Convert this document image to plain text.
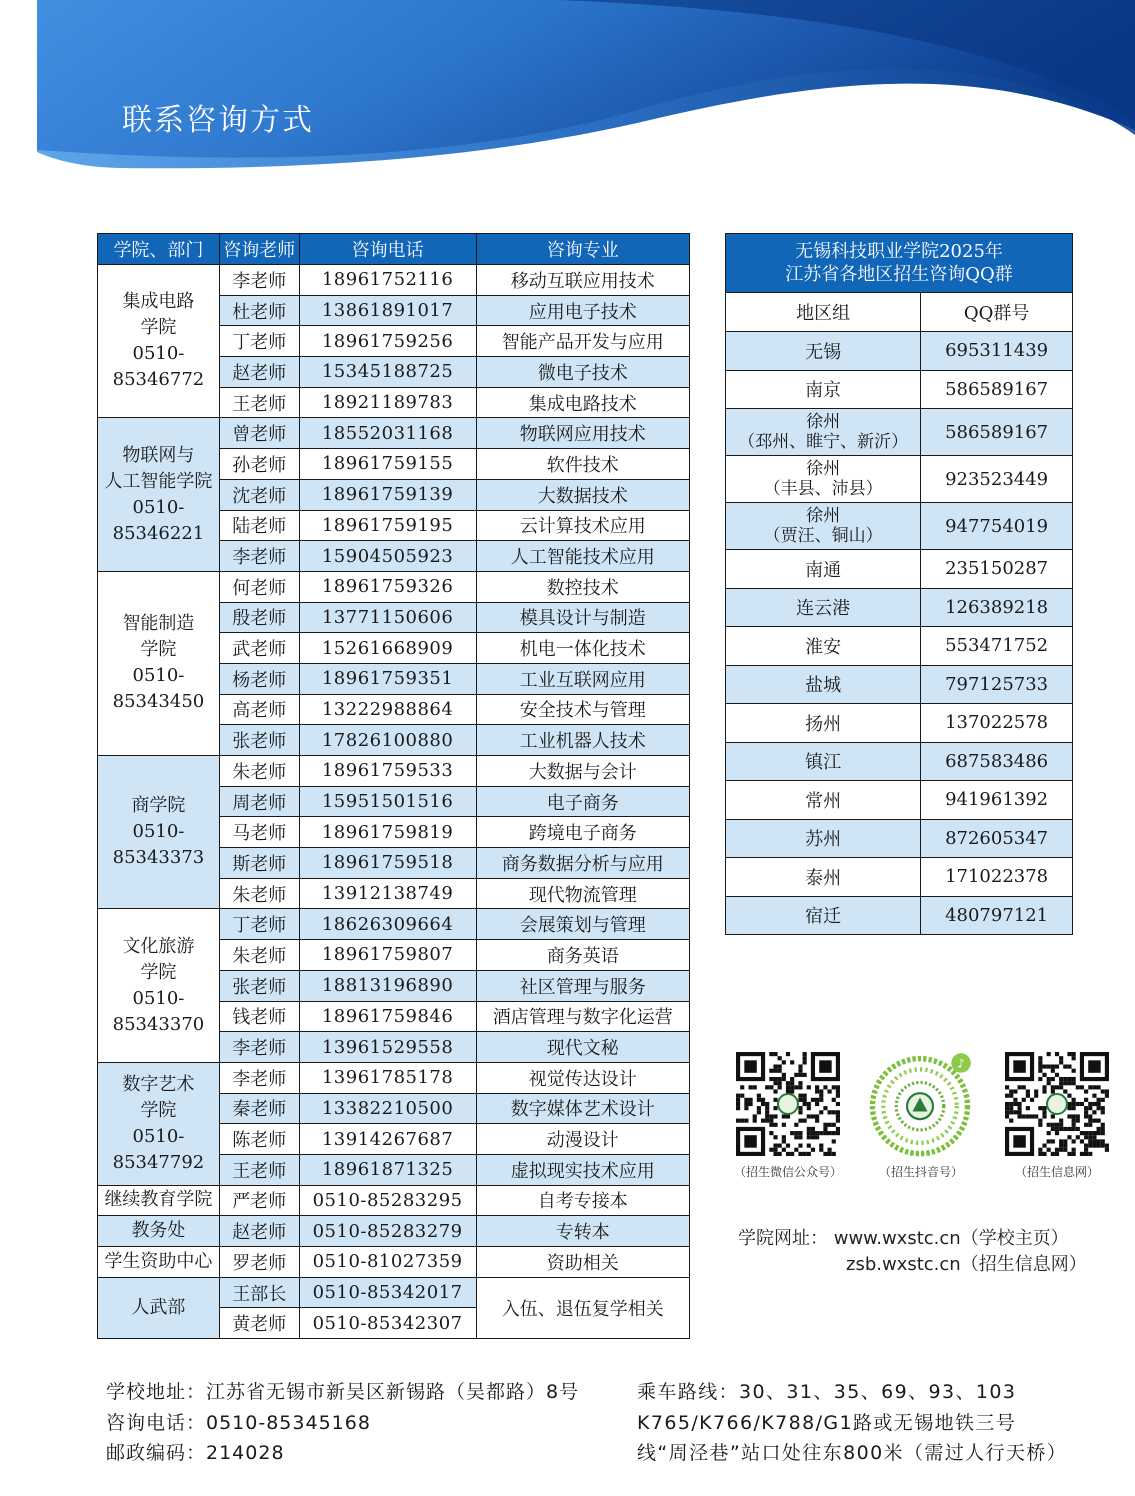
联系咨询方式
学院、部门	咨询老师	咨询电话	咨询专业

集成电路
学院
0510-
85346772	李老师	18961752116	移动互联应用技术
	杜老师	13861891017	应用电子技术
	丁老师	18961759256	智能产品开发与应用
	赵老师	15345188725	微电子技术
	王老师	18921189783	集成电路技术

物联网与
人工智能学院
0510-
85346221	曾老师	18552031168	物联网应用技术
	孙老师	18961759155	软件技术
	沈老师	18961759139	大数据技术
	陆老师	18961759195	云计算技术应用
	李老师	15904505923	人工智能技术应用

智能制造
学院
0510-
85343450	何老师	18961759326	数控技术
	殷老师	13771150606	模具设计与制造
	武老师	15261668909	机电一体化技术
	杨老师	18961759351	工业互联网应用
	高老师	13222988864	安全技术与管理
	张老师	17826100880	工业机器人技术

商学院
0510-
85343373	朱老师	18961759533	大数据与会计
	周老师	15951501516	电子商务
	马老师	18961759819	跨境电子商务
	斯老师	18961759518	商务数据分析与应用
	朱老师	13912138749	现代物流管理

文化旅游
学院
0510-
85343370	丁老师	18626309664	会展策划与管理
	朱老师	18961759807	商务英语
	张老师	18813196890	社区管理与服务
	钱老师	18961759846	酒店管理与数字化运营
	李老师	13961529558	现代文秘

数字艺术
学院
0510-
85347792	李老师	13961785178	视觉传达设计
	秦老师	13382210500	数字媒体艺术设计
	陈老师	13914267687	动漫设计
	王老师	18961871325	虚拟现实技术应用

继续教育学院	严老师	0510-85283295	自考专接本

教务处	赵老师	0510-85283279	专转本

学生资助中心	罗老师	0510-81027359	资助相关

人武部	王部长	0510-85342017	入伍、退伍复学相关
	黄老师	0510-85342307	
无锡科技职业学院2025年
江苏省各地区招生咨询QQ群	

地区组	QQ群号
无锡	695311439
南京	586589167

徐州
（邳州、睢宁、新沂）	586589167

徐州
（丰县、沛县）	923523449

徐州
（贾汪、铜山）	947754019
南通	235150287
连云港	126389218
淮安	553471752
盐城	797125733
扬州	137022578
镇江	687583486
常州	941961392
苏州	872605347
泰州	171022378
宿迁	480797121
♪
（招生微信公众号）	（招生抖音号）	（招生信息网）
学院网址： www.wxstc.cn（学校主页）
zsb.wxstc.cn（招生信息网）
学校地址：江苏省无锡市新吴区新锡路（吴都路）8号
咨询电话：0510-85345168
邮政编码：214028
乘车路线：30、31、35、69、93、103
K765/K766/K788/G1路或无锡地铁三号
线“周泾巷”站口处往东800米（需过人行天桥）
